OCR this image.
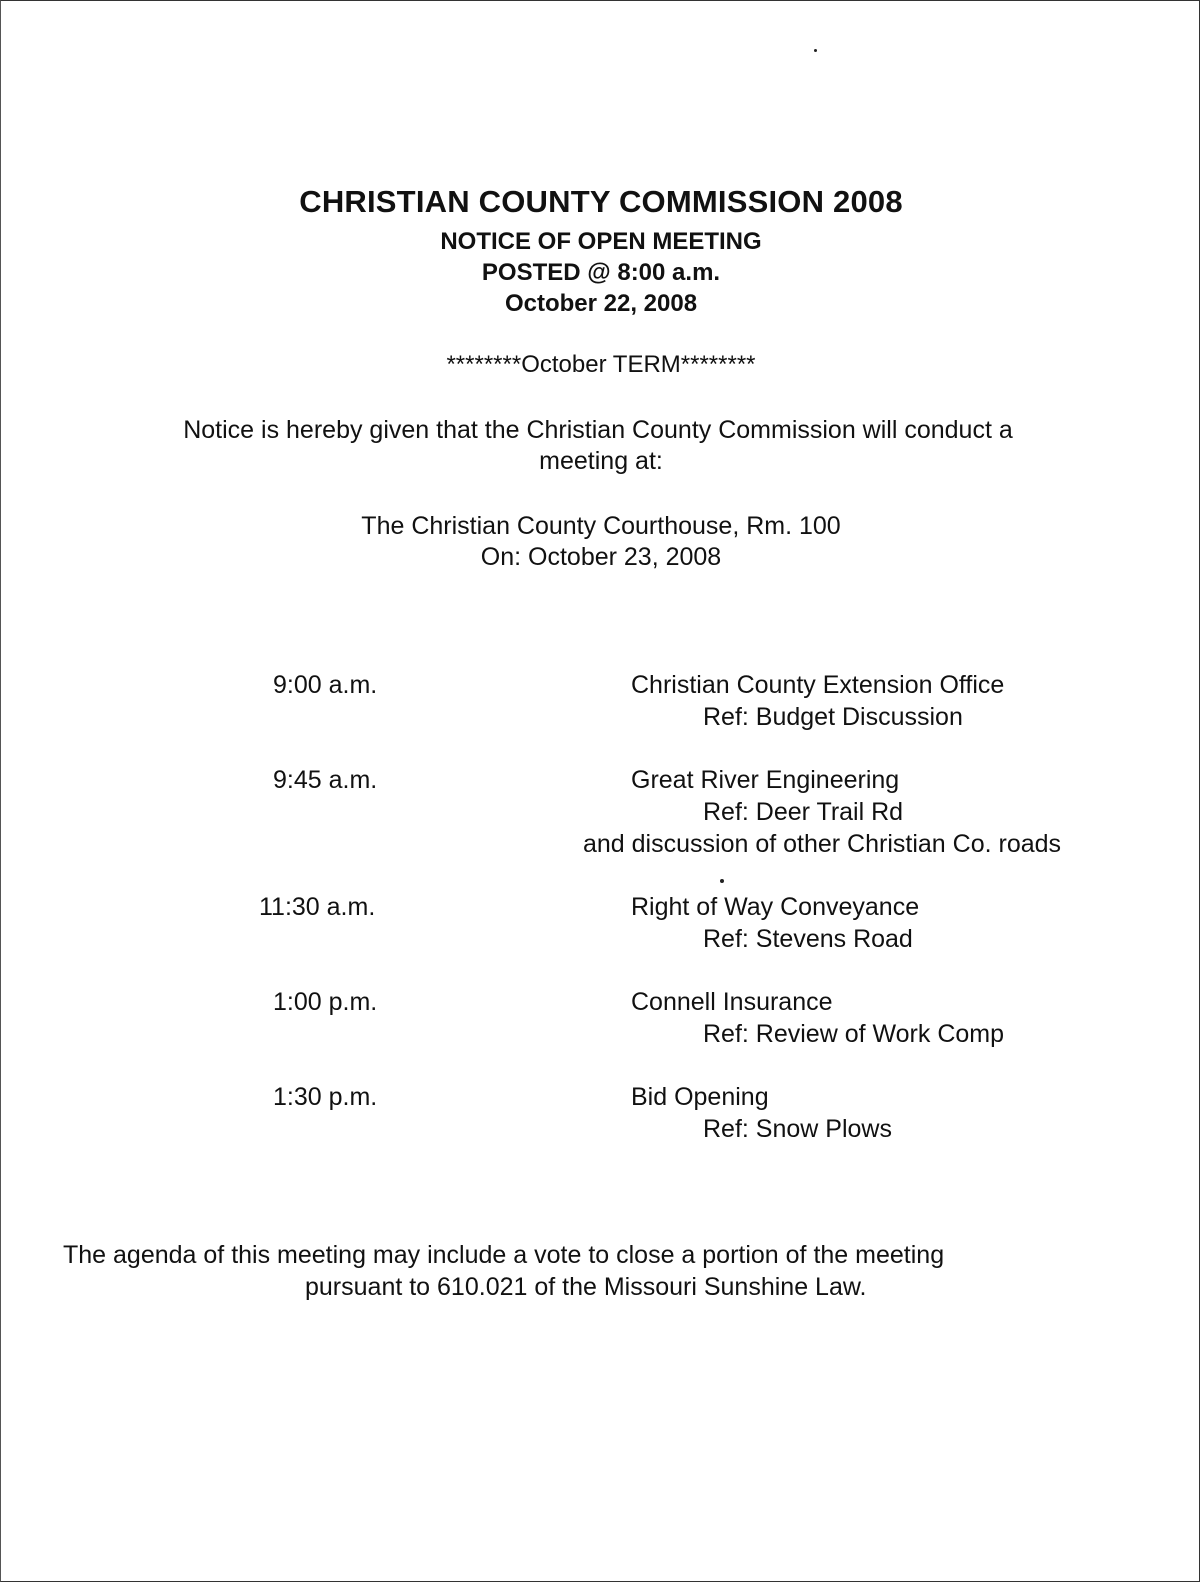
CHRISTIAN COUNTY COMMISSION 2008
NOTICE OF OPEN MEETING
POSTED @ 8:00 a.m.
October 22, 2008
********October TERM********
Notice is hereby given that the Christian County Commission will conduct a
meeting at:
The Christian County Courthouse, Rm. 100
On: October 23, 2008
9:00 a.m.	Christian County Extension Office
Ref: Budget Discussion
9:45 a.m.	Great River Engineering
Ref: Deer Trail Rd
and discussion of other Christian Co. roads
11:30 a.m.	Right of Way Conveyance
Ref: Stevens Road
1:00 p.m.	Connell Insurance
Ref: Review of Work Comp
1:30 p.m.	Bid Opening
Ref: Snow Plows
The agenda of this meeting may include a vote to close a portion of the meeting
pursuant to 610.021 of the Missouri Sunshine Law.
